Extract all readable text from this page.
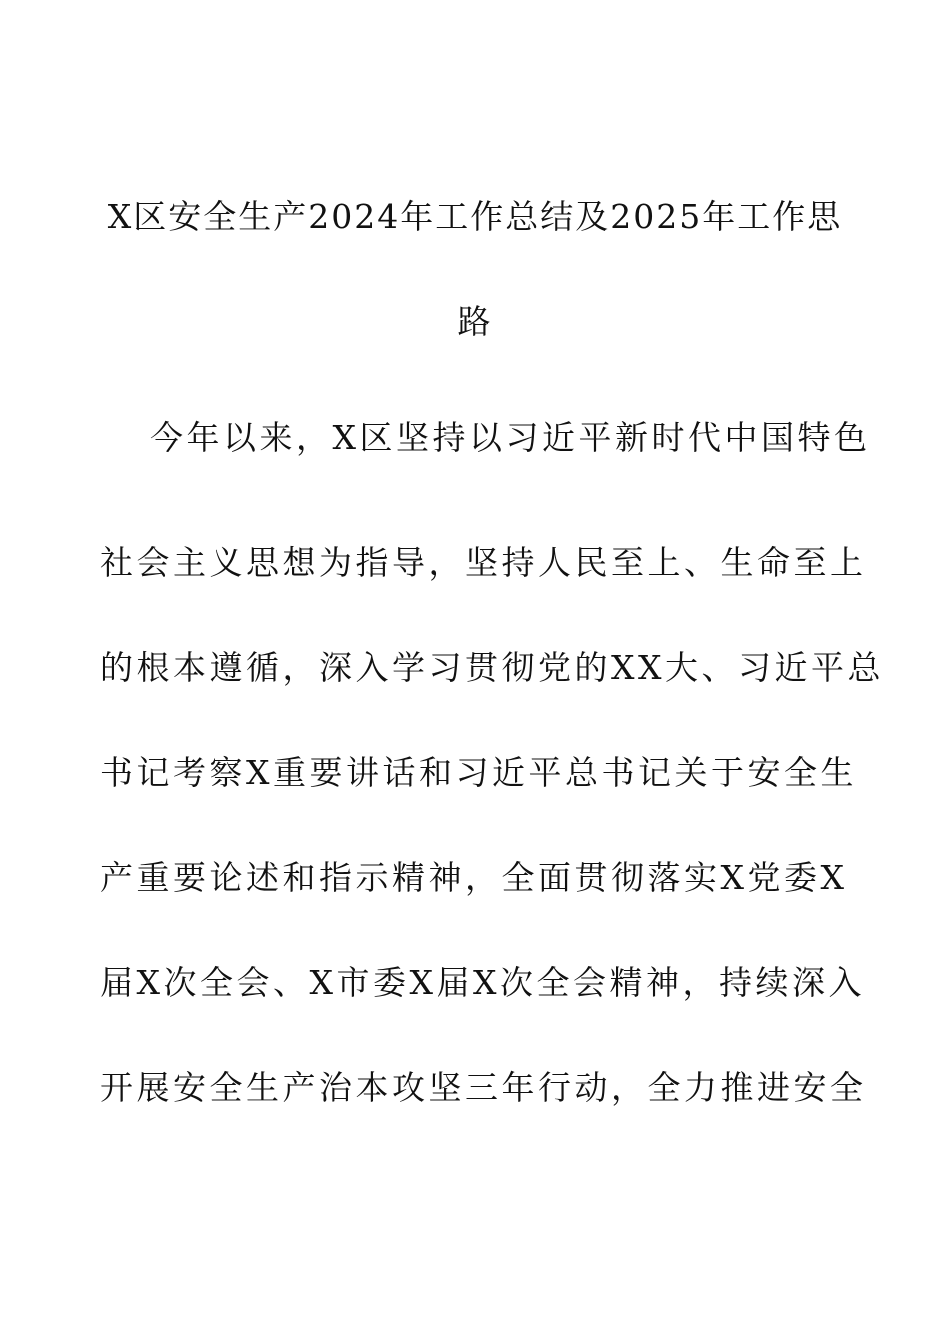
X区安全生产2024年工作总结及2025年工作思
路
今年以来，X区坚持以习近平新时代中国特色
社会主义思想为指导，坚持人民至上、生命至上
的根本遵循，深入学习贯彻党的XX大、习近平总
书记考察X重要讲话和习近平总书记关于安全生
产重要论述和指示精神，全面贯彻落实X党委X
届X次全会、X市委X届X次全会精神，持续深入
开展安全生产治本攻坚三年行动，全力推进安全
